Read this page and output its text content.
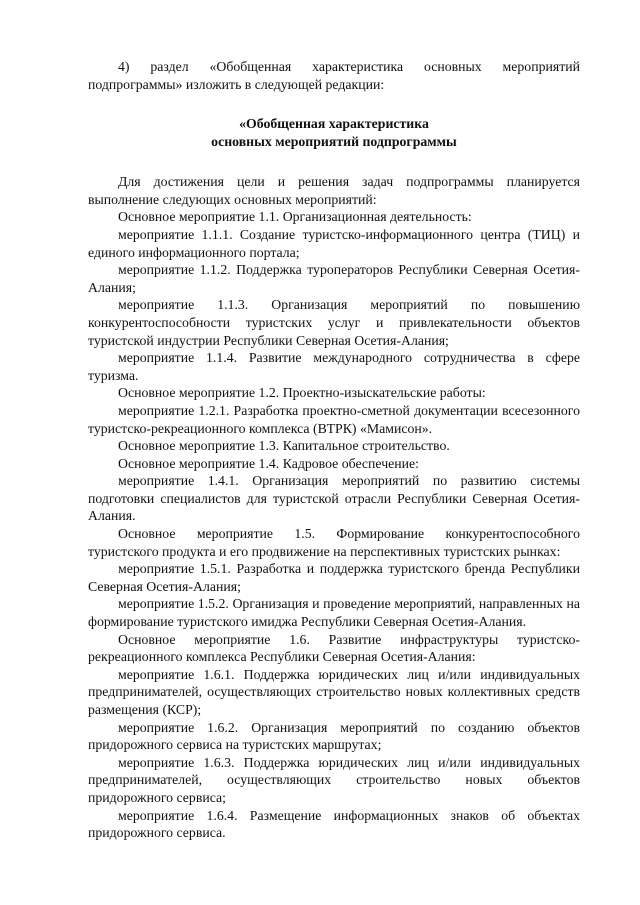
4) раздел «Обобщенная характеристика основных мероприятий подпрограммы» изложить в следующей редакции:

«Обобщенная характеристика
основных мероприятий подпрограммы

Для достижения цели и решения задач подпрограммы планируется выполнение следующих основных мероприятий:

Основное мероприятие 1.1. Организационная деятельность:

мероприятие 1.1.1. Создание туристско-информационного центра (ТИЦ) и единого информационного портала;

мероприятие 1.1.2. Поддержка туроператоров Республики Северная Осетия-Алания;

мероприятие 1.1.3. Организация мероприятий по повышению конкурентоспособности туристских услуг и привлекательности объектов туристской индустрии Республики Северная Осетия-Алания;

мероприятие 1.1.4. Развитие международного сотрудничества в сфере туризма.

Основное мероприятие 1.2. Проектно-изыскательские работы:

мероприятие 1.2.1. Разработка проектно-сметной документации всесезонного туристско-рекреационного комплекса (ВТРК) «Мамисон».

Основное мероприятие 1.3. Капитальное строительство.

Основное мероприятие 1.4. Кадровое обеспечение:

мероприятие 1.4.1. Организация мероприятий по развитию системы подготовки специалистов для туристской отрасли Республики Северная Осетия-Алания.

Основное мероприятие 1.5. Формирование конкурентоспособного туристского продукта и его продвижение на перспективных туристских рынках:

мероприятие 1.5.1. Разработка и поддержка туристского бренда Республики Северная Осетия-Алания;

мероприятие 1.5.2. Организация и проведение мероприятий, направленных на формирование туристского имиджа Республики Северная Осетия-Алания.

Основное мероприятие 1.6. Развитие инфраструктуры туристско-рекреационного комплекса Республики Северная Осетия-Алания:

мероприятие 1.6.1. Поддержка юридических лиц и/или индивидуальных предпринимателей, осуществляющих строительство новых коллективных средств размещения (КСР);

мероприятие 1.6.2. Организация мероприятий по созданию объектов придорожного сервиса на туристских маршрутах;

мероприятие 1.6.3. Поддержка юридических лиц и/или индивидуальных предпринимателей, осуществляющих строительство новых объектов придорожного сервиса;

мероприятие 1.6.4. Размещение информационных знаков об объектах придорожного сервиса.
